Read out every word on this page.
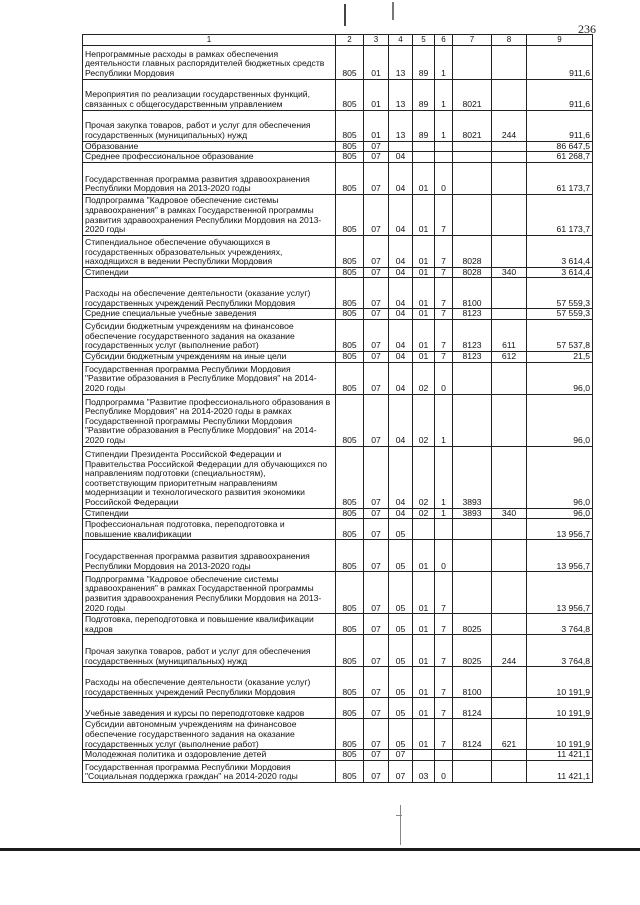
236
1	2	3	4	5	6	7	8	9
Непрограммные расходы в рамках обеспечения деятельности главных распорядителей бюджетных средств Республики Мордовия	805	01	13	89	1			911,6
Мероприятия по реализации государственных функций, связанных с общегосударственным управлением	805	01	13	89	1	8021		911,6
Прочая закупка товаров, работ и услуг для обеспечения государственных (муниципальных) нужд	805	01	13	89	1	8021	244	911,6
Образование	805	07						86 647,5
Среднее профессиональное образование	805	07	04					61 268,7
Государственная программа развития здравоохранения Республики Мордовия на 2013-2020 годы	805	07	04	01	0			61 173,7
Подпрограмма "Кадровое обеспечение системы здравоохранения" в рамках Государственной программы развития здравоохранения Республики Мордовия на 2013-2020 годы	805	07	04	01	7			61 173,7
Стипендиальное обеспечение обучающихся в государственных образовательных учреждениях, находящихся в ведении Республики Мордовия	805	07	04	01	7	8028		3 614,4
Стипендии	805	07	04	01	7	8028	340	3 614,4
Расходы на обеспечение деятельности (оказание услуг) государственных учреждений Республики Мордовия	805	07	04	01	7	8100		57 559,3
Средние специальные учебные заведения	805	07	04	01	7	8123		57 559,3
Субсидии бюджетным учреждениям на финансовое обеспечение государственного задания на оказание государственных услуг (выполнение работ)	805	07	04	01	7	8123	611	57 537,8
Субсидии бюджетным учреждениям на иные цели	805	07	04	01	7	8123	612	21,5
Государственная программа Республики Мордовия "Развитие образования в Республике Мордовия" на 2014-2020 годы	805	07	04	02	0			96,0
Подпрограмма "Развитие профессионального образования в Республике Мордовия" на 2014-2020 годы в рамках Государственной программы Республики Мордовия "Развитие образования в Республике Мордовия" на 2014-2020 годы	805	07	04	02	1			96,0
Стипендии Президента Российской Федерации и Правительства Российской Федерации для обучающихся по направлениям подготовки (специальностям), соответствующим приоритетным направлениям модернизации и технологического развития экономики Российской Федерации	805	07	04	02	1	3893		96,0
Стипендии	805	07	04	02	1	3893	340	96,0
Профессиональная подготовка, переподготовка и повышение квалификации	805	07	05					13 956,7
Государственная программа развития здравоохранения Республики Мордовия на 2013-2020 годы	805	07	05	01	0			13 956,7
Подпрограмма "Кадровое обеспечение системы здравоохранения" в рамках Государственной программы развития здравоохранения Республики Мордовия на 2013-2020 годы	805	07	05	01	7			13 956,7
Подготовка, переподготовка и повышение квалификации кадров	805	07	05	01	7	8025		3 764,8
Прочая закупка товаров, работ и услуг для обеспечения государственных (муниципальных) нужд	805	07	05	01	7	8025	244	3 764,8
Расходы на обеспечение деятельности (оказание услуг) государственных учреждений Республики Мордовия	805	07	05	01	7	8100		10 191,9
Учебные заведения и курсы по переподготовке кадров	805	07	05	01	7	8124		10 191,9
Субсидии автономным учреждениям на финансовое обеспечение государственного задания на оказание государственных услуг (выполнение работ)	805	07	05	01	7	8124	621	10 191,9
Молодежная политика и оздоровление детей	805	07	07					11 421,1
Государственная программа Республики Мордовия "Социальная поддержка граждан" на 2014-2020 годы	805	07	07	03	0			11 421,1
